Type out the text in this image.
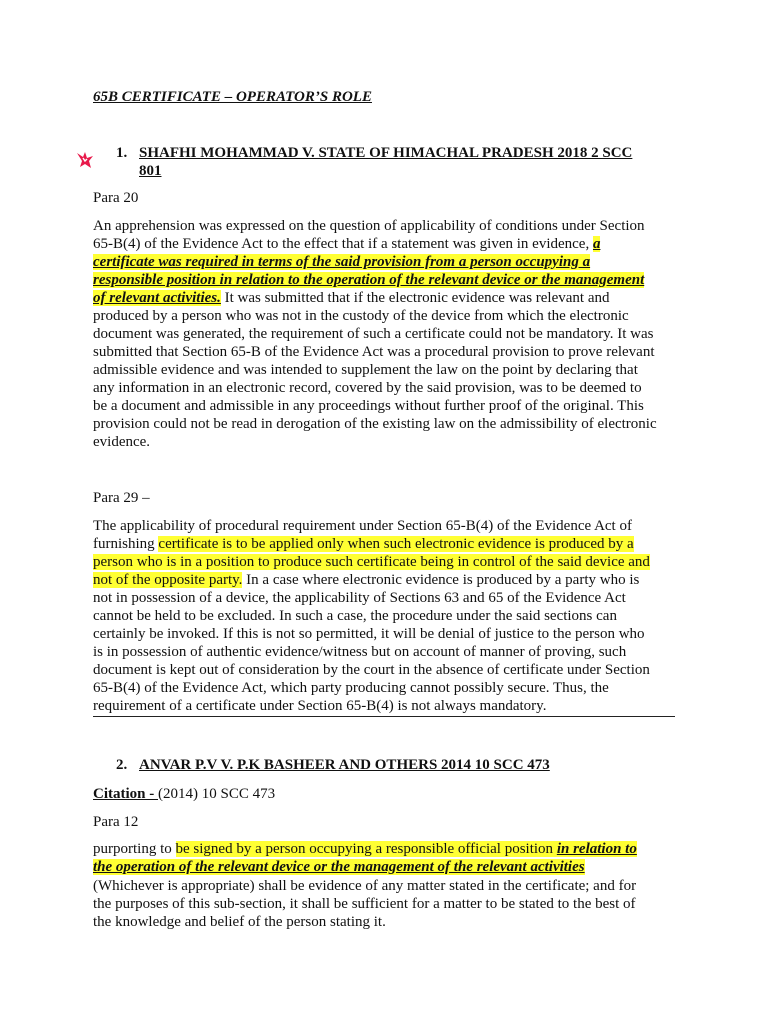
65B CERTIFICATE – OPERATOR’S ROLE
1. SHAFHI MOHAMMAD V. STATE OF HIMACHAL PRADESH 2018 2 SCC
801
Para 20
An apprehension was expressed on the question of applicability of conditions under Section
65-B(4) of the Evidence Act to the effect that if a statement was given in evidence, a
certificate was required in terms of the said provision from a person occupying a
responsible position in relation to the operation of the relevant device or the management
of relevant activities. It was submitted that if the electronic evidence was relevant and
produced by a person who was not in the custody of the device from which the electronic
document was generated, the requirement of such a certificate could not be mandatory. It was
submitted that Section 65-B of the Evidence Act was a procedural provision to prove relevant
admissible evidence and was intended to supplement the law on the point by declaring that
any information in an electronic record, covered by the said provision, was to be deemed to
be a document and admissible in any proceedings without further proof of the original. This
provision could not be read in derogation of the existing law on the admissibility of electronic
evidence.
Para 29 –
The applicability of procedural requirement under Section 65-B(4) of the Evidence Act of
furnishing certificate is to be applied only when such electronic evidence is produced by a
person who is in a position to produce such certificate being in control of the said device and
not of the opposite party. In a case where electronic evidence is produced by a party who is
not in possession of a device, the applicability of Sections 63 and 65 of the Evidence Act
cannot be held to be excluded. In such a case, the procedure under the said sections can
certainly be invoked. If this is not so permitted, it will be denial of justice to the person who
is in possession of authentic evidence/witness but on account of manner of proving, such
document is kept out of consideration by the court in the absence of certificate under Section
65-B(4) of the Evidence Act, which party producing cannot possibly secure. Thus, the
requirement of a certificate under Section 65-B(4) is not always mandatory.
2. ANVAR P.V V. P.K BASHEER AND OTHERS 2014 10 SCC 473
Citation - (2014) 10 SCC 473
Para 12
purporting to be signed by a person occupying a responsible official position in relation to
the operation of the relevant device or the management of the relevant activities
(Whichever is appropriate) shall be evidence of any matter stated in the certificate; and for
the purposes of this sub-section, it shall be sufficient for a matter to be stated to the best of
the knowledge and belief of the person stating it.
